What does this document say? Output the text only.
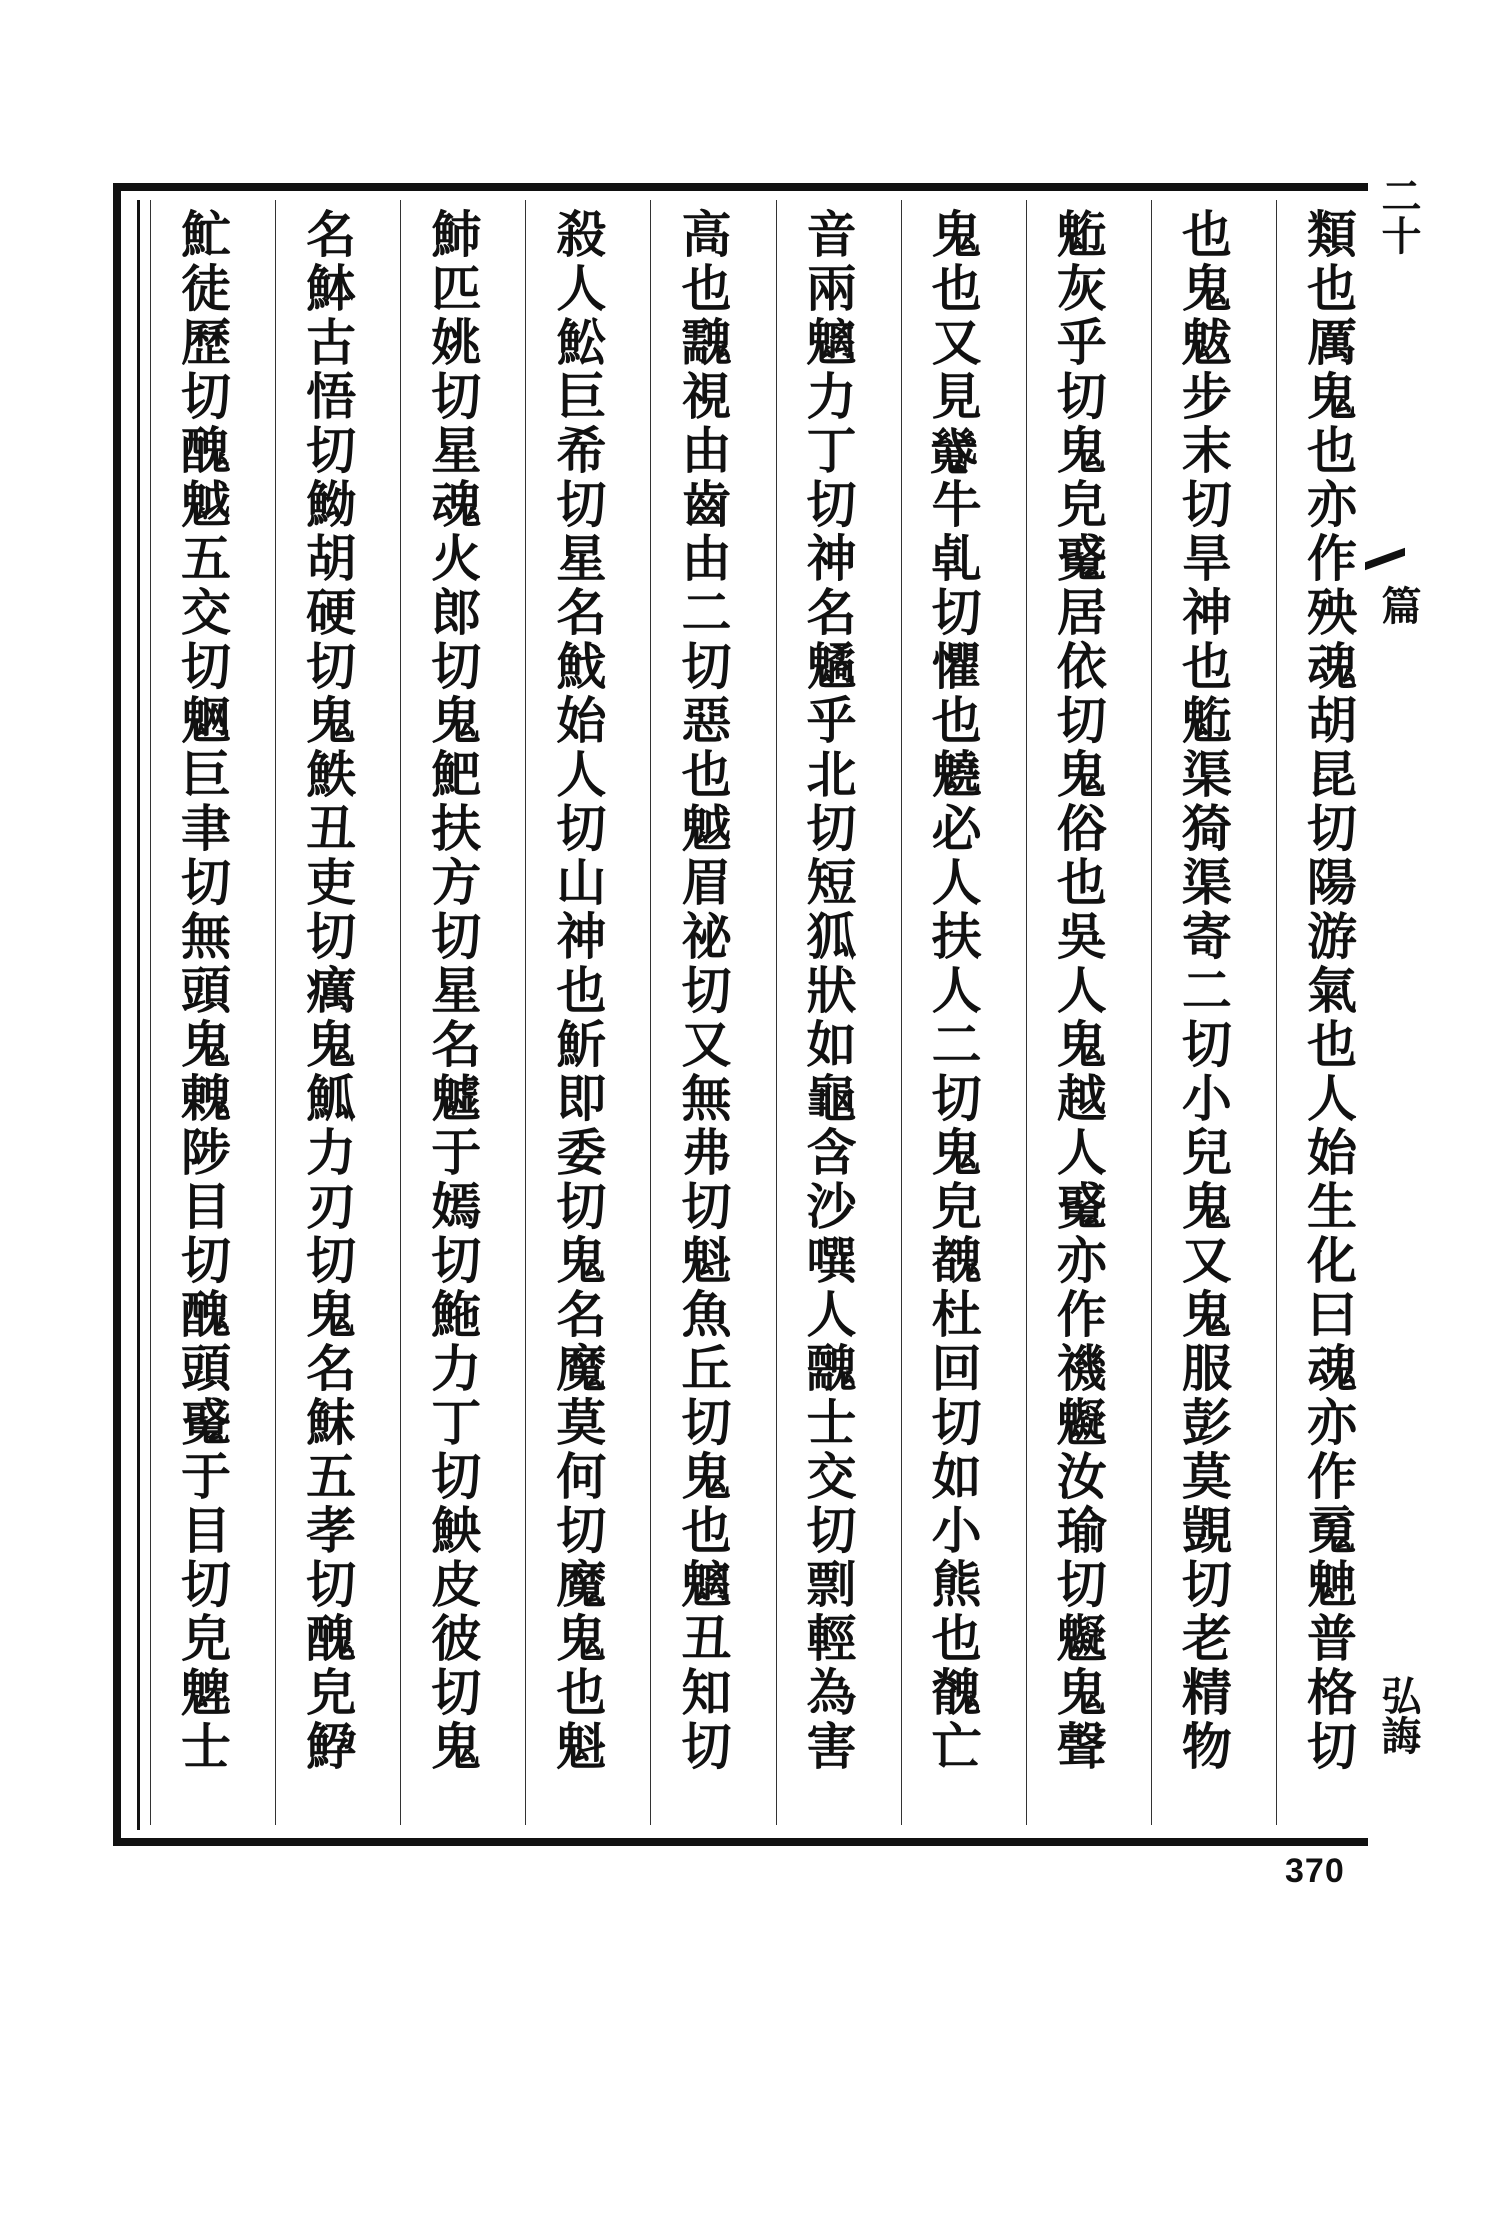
類也厲鬼也亦作殃魂胡昆切陽游氣也人始生化曰魂亦作䰟䰠普格切
也鬼魃步末切旱神也䰢渠猗渠寄二切小兒鬼又鬼服彭莫覬切老精物
䰢灰乎切鬼皃䰥居依切鬼俗也吳人鬼越人䰥亦作禨䰯汝瑜切䰯鬼聲
鬼也又見𩴆牛𠃵切懼也䰫必人扶人二切鬼皃䰩杜回切如小熊也䰪亡
音兩魑力丁切神名䰬乎北切短狐狀如龜含沙噀人䰭士交切剽輕為害
高也䰰視由齒由二切惡也魆眉祕切又無弗切魁魚丘切鬼也魑丑知切
殺人䰸巨希切星名䰹始人切山神也䰺即委切鬼名魔莫何切魔鬼也魁
䰽匹姚切星魂火郎切鬼䰾扶方切星名魖于嫣切䰿力丁切䱀皮彼切鬼
名䱁古悟切䱂胡硬切鬼䱃丑吏切癘鬼䱄力刃切鬼名䱅五孝切醜皃䱆
䰶徒歷切醜魆五交切䰣巨聿切無頭鬼䰤陟目切醜頭䰥于目切皃䰦士
二十
篇
弘誨
370
